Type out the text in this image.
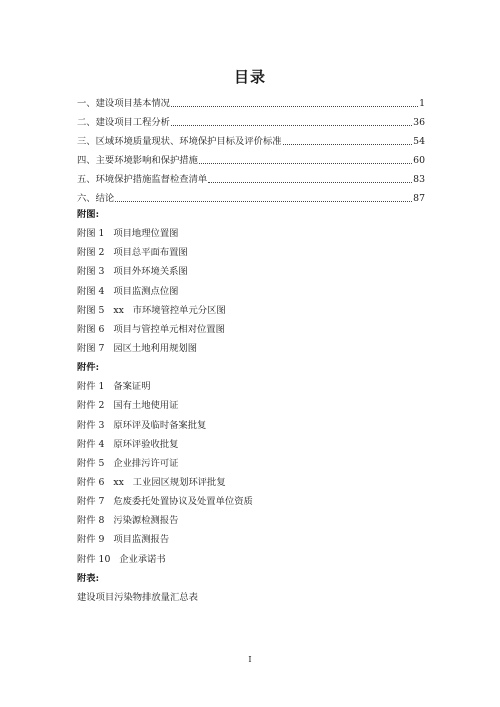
目录
一、建设项目基本情况	1
二、建设项目工程分析	36
三、区域环境质量现状、环境保护目标及评价标准	54
四、主要环境影响和保护措施	60
五、环境保护措施监督检查清单	83
六、结论	87
附图:
附图 1   项目地理位置图
附图 2   项目总平面布置图
附图 3   项目外环境关系图
附图 4   项目监测点位图
附图 5   xx   市环境管控单元分区图
附图 6   项目与管控单元相对位置图
附图 7   园区土地利用规划图
附件:
附件 1   备案证明
附件 2   国有土地使用证
附件 3   原环评及临时备案批复
附件 4   原环评验收批复
附件 5   企业排污许可证
附件 6   xx   工业园区规划环评批复
附件 7   危废委托处置协议及处置单位资质
附件 8   污染源检测报告
附件 9   项目监测报告
附件 10   企业承诺书
附表:
建设项目污染物排放量汇总表
I
